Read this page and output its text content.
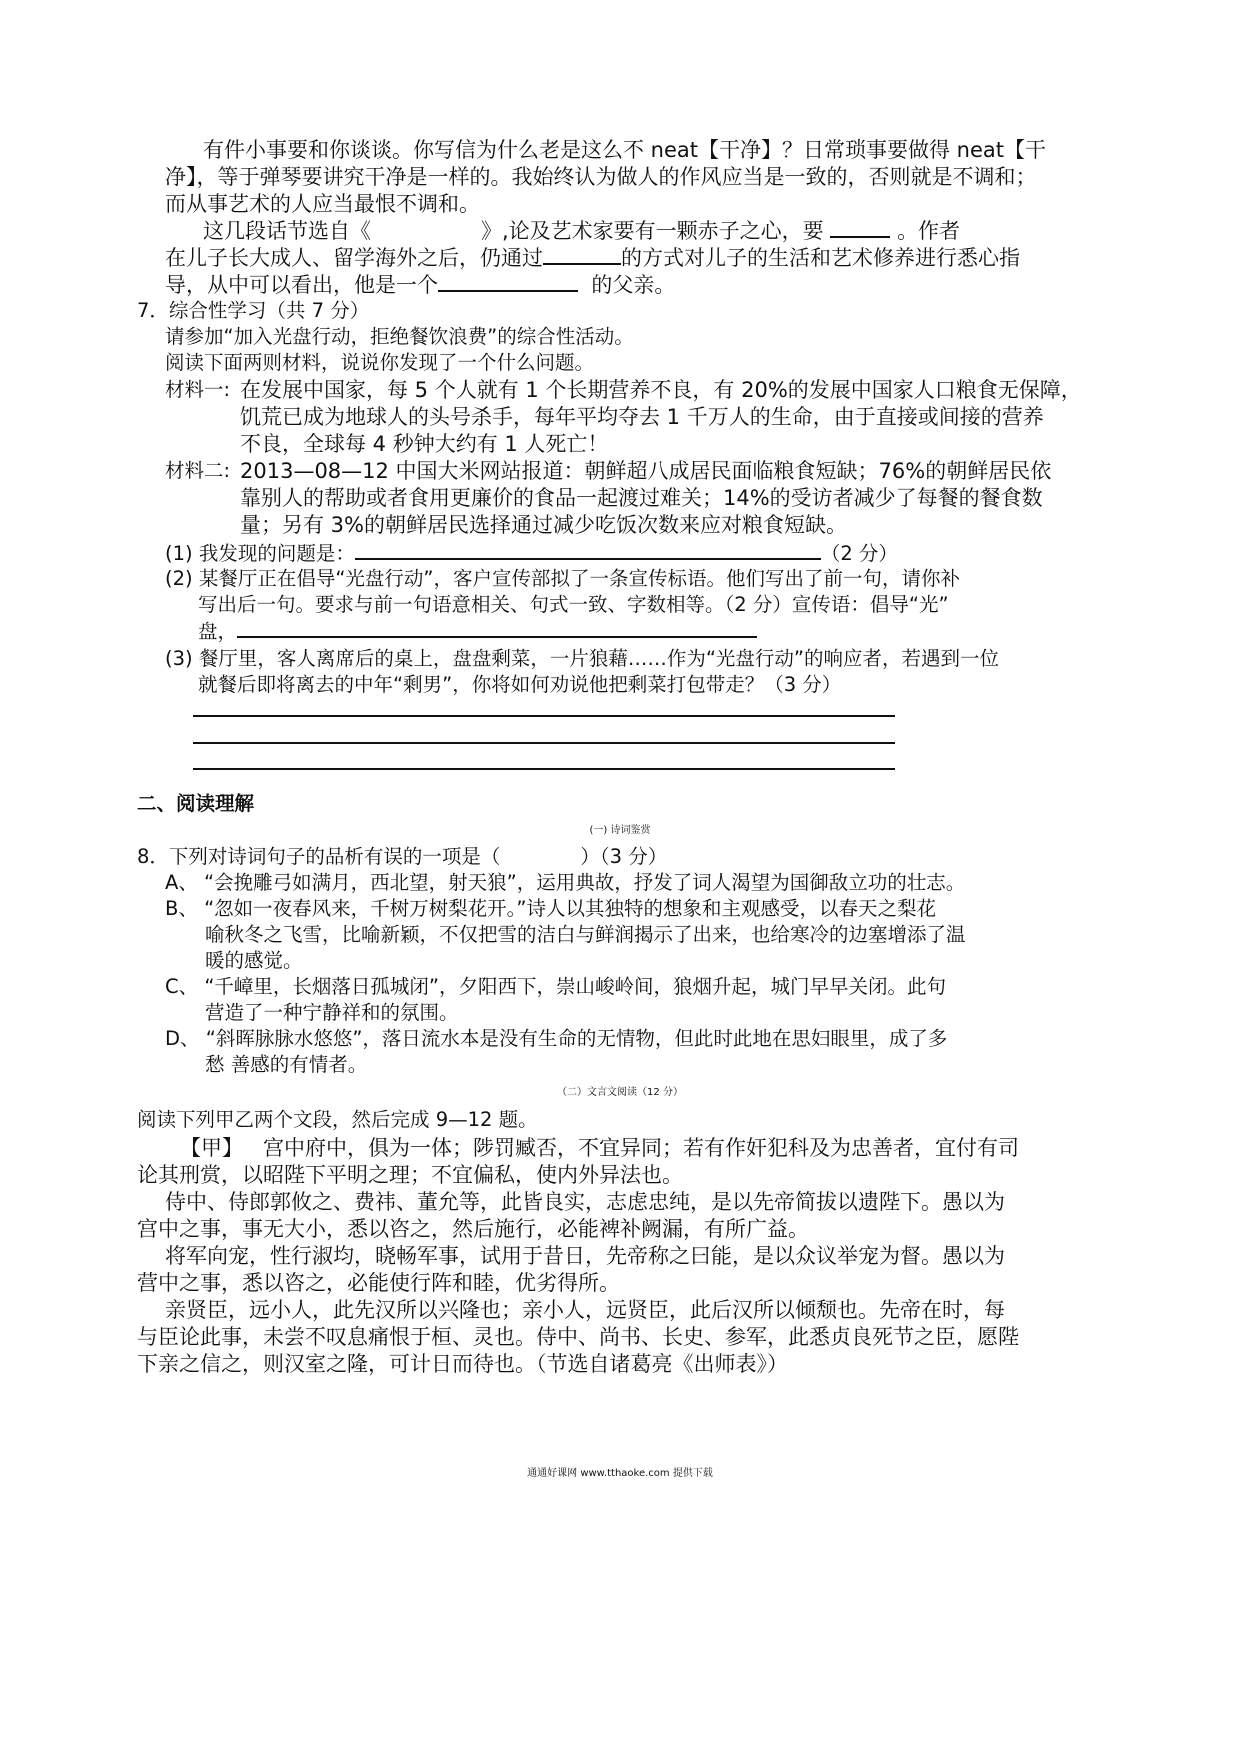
有件小事要和你谈谈。你写信为什么老是这么不 neat【干净】？日常琐事要做得 neat【干
净】，等于弹琴要讲究干净是一样的。我始终认为做人的作风应当是一致的，否则就是不调和；
而从事艺术的人应当最恨不调和。
这几段话节选自《	》,论及艺术家要有一颗赤子之心，要	。作者
在儿子长大成人、留学海外之后，仍通过	的方式对儿子的生活和艺术修养进行悉心指
导，从中可以看出，他是一个	的父亲。
7．综合性学习（共 7 分）
请参加“加入光盘行动，拒绝餐饮浪费”的综合性活动。
阅读下面两则材料，说说你发现了一个什么问题。
材料一: 在发展中国家，每 5 个人就有 1 个长期营养不良，有 20%的发展中国家人口粮食无保障，
饥荒已成为地球人的头号杀手，每年平均夺去 1 千万人的生命，由于直接或间接的营养
不良，全球每 4 秒钟大约有 1 人死亡！
材料二: 2013—08—12 中国大米网站报道：朝鲜超八成居民面临粮食短缺；76%的朝鲜居民依
靠别人的帮助或者食用更廉价的食品一起渡过难关；14%的受访者减少了每餐的餐食数
量；另有 3%的朝鲜居民选择通过减少吃饭次数来应对粮食短缺。
(1) 我发现的问题是：	（2 分）
(2) 某餐厅正在倡导“光盘行动”，客户宣传部拟了一条宣传标语。他们写出了前一句，请你补
写出后一句。要求与前一句语意相关、句式一致、字数相等。（2 分）宣传语：倡导“光”
盘，
(3) 餐厅里，客人离席后的桌上，盘盘剩菜，一片狼藉……作为“光盘行动”的响应者，若遇到一位
就餐后即将离去的中年“剩男”，你将如何劝说他把剩菜打包带走？（3 分）
二、阅读理解
(一) 诗词鉴赏
8．下列对诗词句子的品析有误的一项是（	）（3 分）
A、 “会挽雕弓如满月，西北望，射天狼”，运用典故，抒发了词人渴望为国御敌立功的壮志。
B、 “忽如一夜春风来，千树万树梨花开。”诗人以其独特的想象和主观感受，以春天之梨花
喻秋冬之飞雪，比喻新颖，不仅把雪的洁白与鲜润揭示了出来，也给寒冷的边塞增添了温
暖的感觉。
C、 “千嶂里，长烟落日孤城闭”，夕阳西下，崇山峻岭间，狼烟升起，城门早早关闭。此句
营造了一种宁静祥和的氛围。
D、 “斜晖脉脉水悠悠”，落日流水本是没有生命的无情物，但此时此地在思妇眼里，成了多
愁 善感的有情者。
（二）文言文阅读（12 分）
阅读下列甲乙两个文段，然后完成 9—12 题。
【甲】 宫中府中，俱为一体；陟罚臧否，不宜异同；若有作奸犯科及为忠善者，宜付有司
论其刑赏，以昭陛下平明之理；不宜偏私，使内外异法也。
侍中、侍郎郭攸之、费祎、董允等，此皆良实，志虑忠纯，是以先帝简拔以遗陛下。愚以为
宫中之事，事无大小，悉以咨之，然后施行，必能裨补阙漏，有所广益。
将军向宠，性行淑均，晓畅军事，试用于昔日，先帝称之曰能，是以众议举宠为督。愚以为
营中之事，悉以咨之，必能使行阵和睦，优劣得所。
亲贤臣，远小人，此先汉所以兴隆也；亲小人，远贤臣，此后汉所以倾颓也。先帝在时，每
与臣论此事，未尝不叹息痛恨于桓、灵也。侍中、尚书、长史、参军，此悉贞良死节之臣，愿陛
下亲之信之，则汉室之隆，可计日而待也。（节选自诸葛亮《出师表》）
通通好课网 www.tthaoke.com 提供下载
